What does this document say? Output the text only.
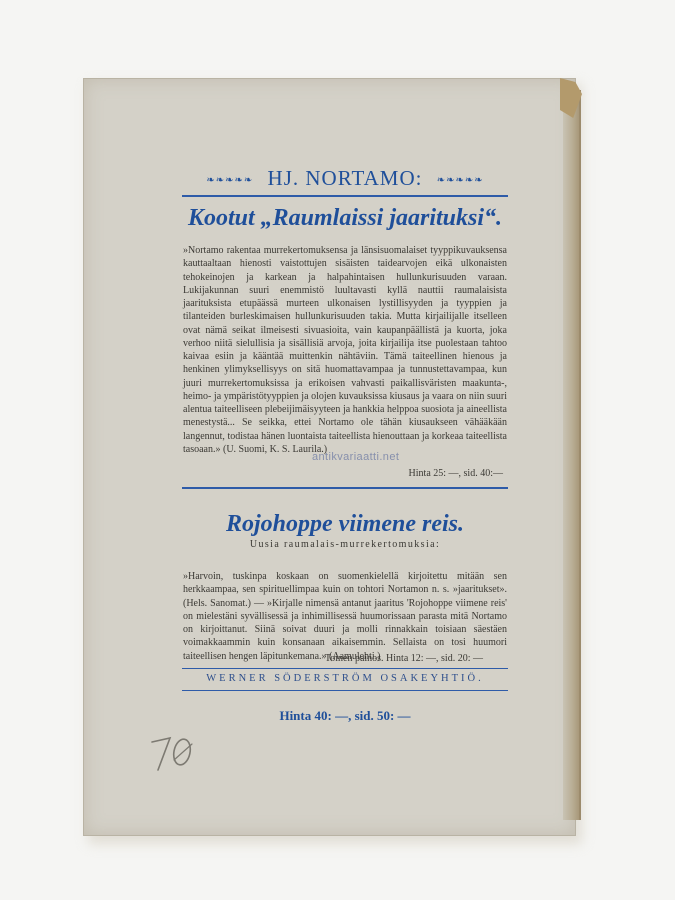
❧❧❧❧❧ HJ. NORTAMO: ❧❧❧❧❧
Kootut „Raumlaissi jaarituksi“.
»Nortamo rakentaa murrekertomuksensa ja länsisuomalaiset tyyppikuvauksensa kauttaaltaan hienosti vaistottujen sisäisten taidearvojen eikä ulkonaisten tehokeinojen ja karkean ja halpahintaisen hullunkurisuuden varaan. Lukijakunnan suuri enemmistö luultavasti kyllä nauttii raumalaisista jaarituksista etupäässä murteen ulkonaisen lystillisyyden ja tyyppien ja tilanteiden burleskimaisen hullunkurisuuden takia. Mutta kirjailijalle itselleen ovat nämä seikat ilmeisesti sivuasioita, vain kaupanpäällistä ja kuorta, joka verhoo niitä sielullisia ja sisällisiä arvoja, joita kirjailija itse puolestaan tahtoo kaivaa esiin ja kääntää muittenkin nähtäviin. Tämä taiteellinen hienous ja henkinen ylimyksellisyys on sitä huomattavampaa ja tunnustettavampaa, kun juuri murrekertomuksissa ja erikoisen vahvasti paikallisväristen maakunta-, heimo- ja ympäristötyyppien ja olojen kuvauksissa kiusaus ja vaara on niin suuri alentua taiteelliseen plebeijimäisyyteen ja hankkia helppoa suosiota ja aineellista menestystä... Se seikka, ettei Nortamo ole tähän kiusaukseen vähääkään langennut, todistaa hänen luontaista taiteellista hienouttaan ja korkeaa taiteellista tasoaan.» (U. Suomi, K. S. Laurila.)
Hinta 25: —, sid. 40:—
Rojohoppe viimene reis.
Uusia raumalais-murrekertomuksia:
»Harvoin, tuskinpa koskaan on suomenkielellä kirjoitettu mitään sen herkkaampaa, sen spirituellimpaa kuin on tohtori Nortamon n. s. »jaaritukset». (Hels. Sanomat.) — »Kirjalle nimensä antanut jaaritus 'Rojohoppe viimene reis' on mielestäni syvällisessä ja inhimillisessä huumorissaan parasta mitä Nortamo on kirjoittanut. Siinä soivat duuri ja molli rinnakkain toisiaan säestäen voimakkaammin kuin konsanaan aikaisemmin. Sellaista on tosi huumori taiteellisen hengen läpitunkemana.» (Aamulehti.)
Toinen painos. Hinta 12: —, sid. 20: —
WERNER SÖDERSTRÖM OSAKEYHTIÖ.
Hinta 40: —, sid. 50: —
antikvariaatti.net
